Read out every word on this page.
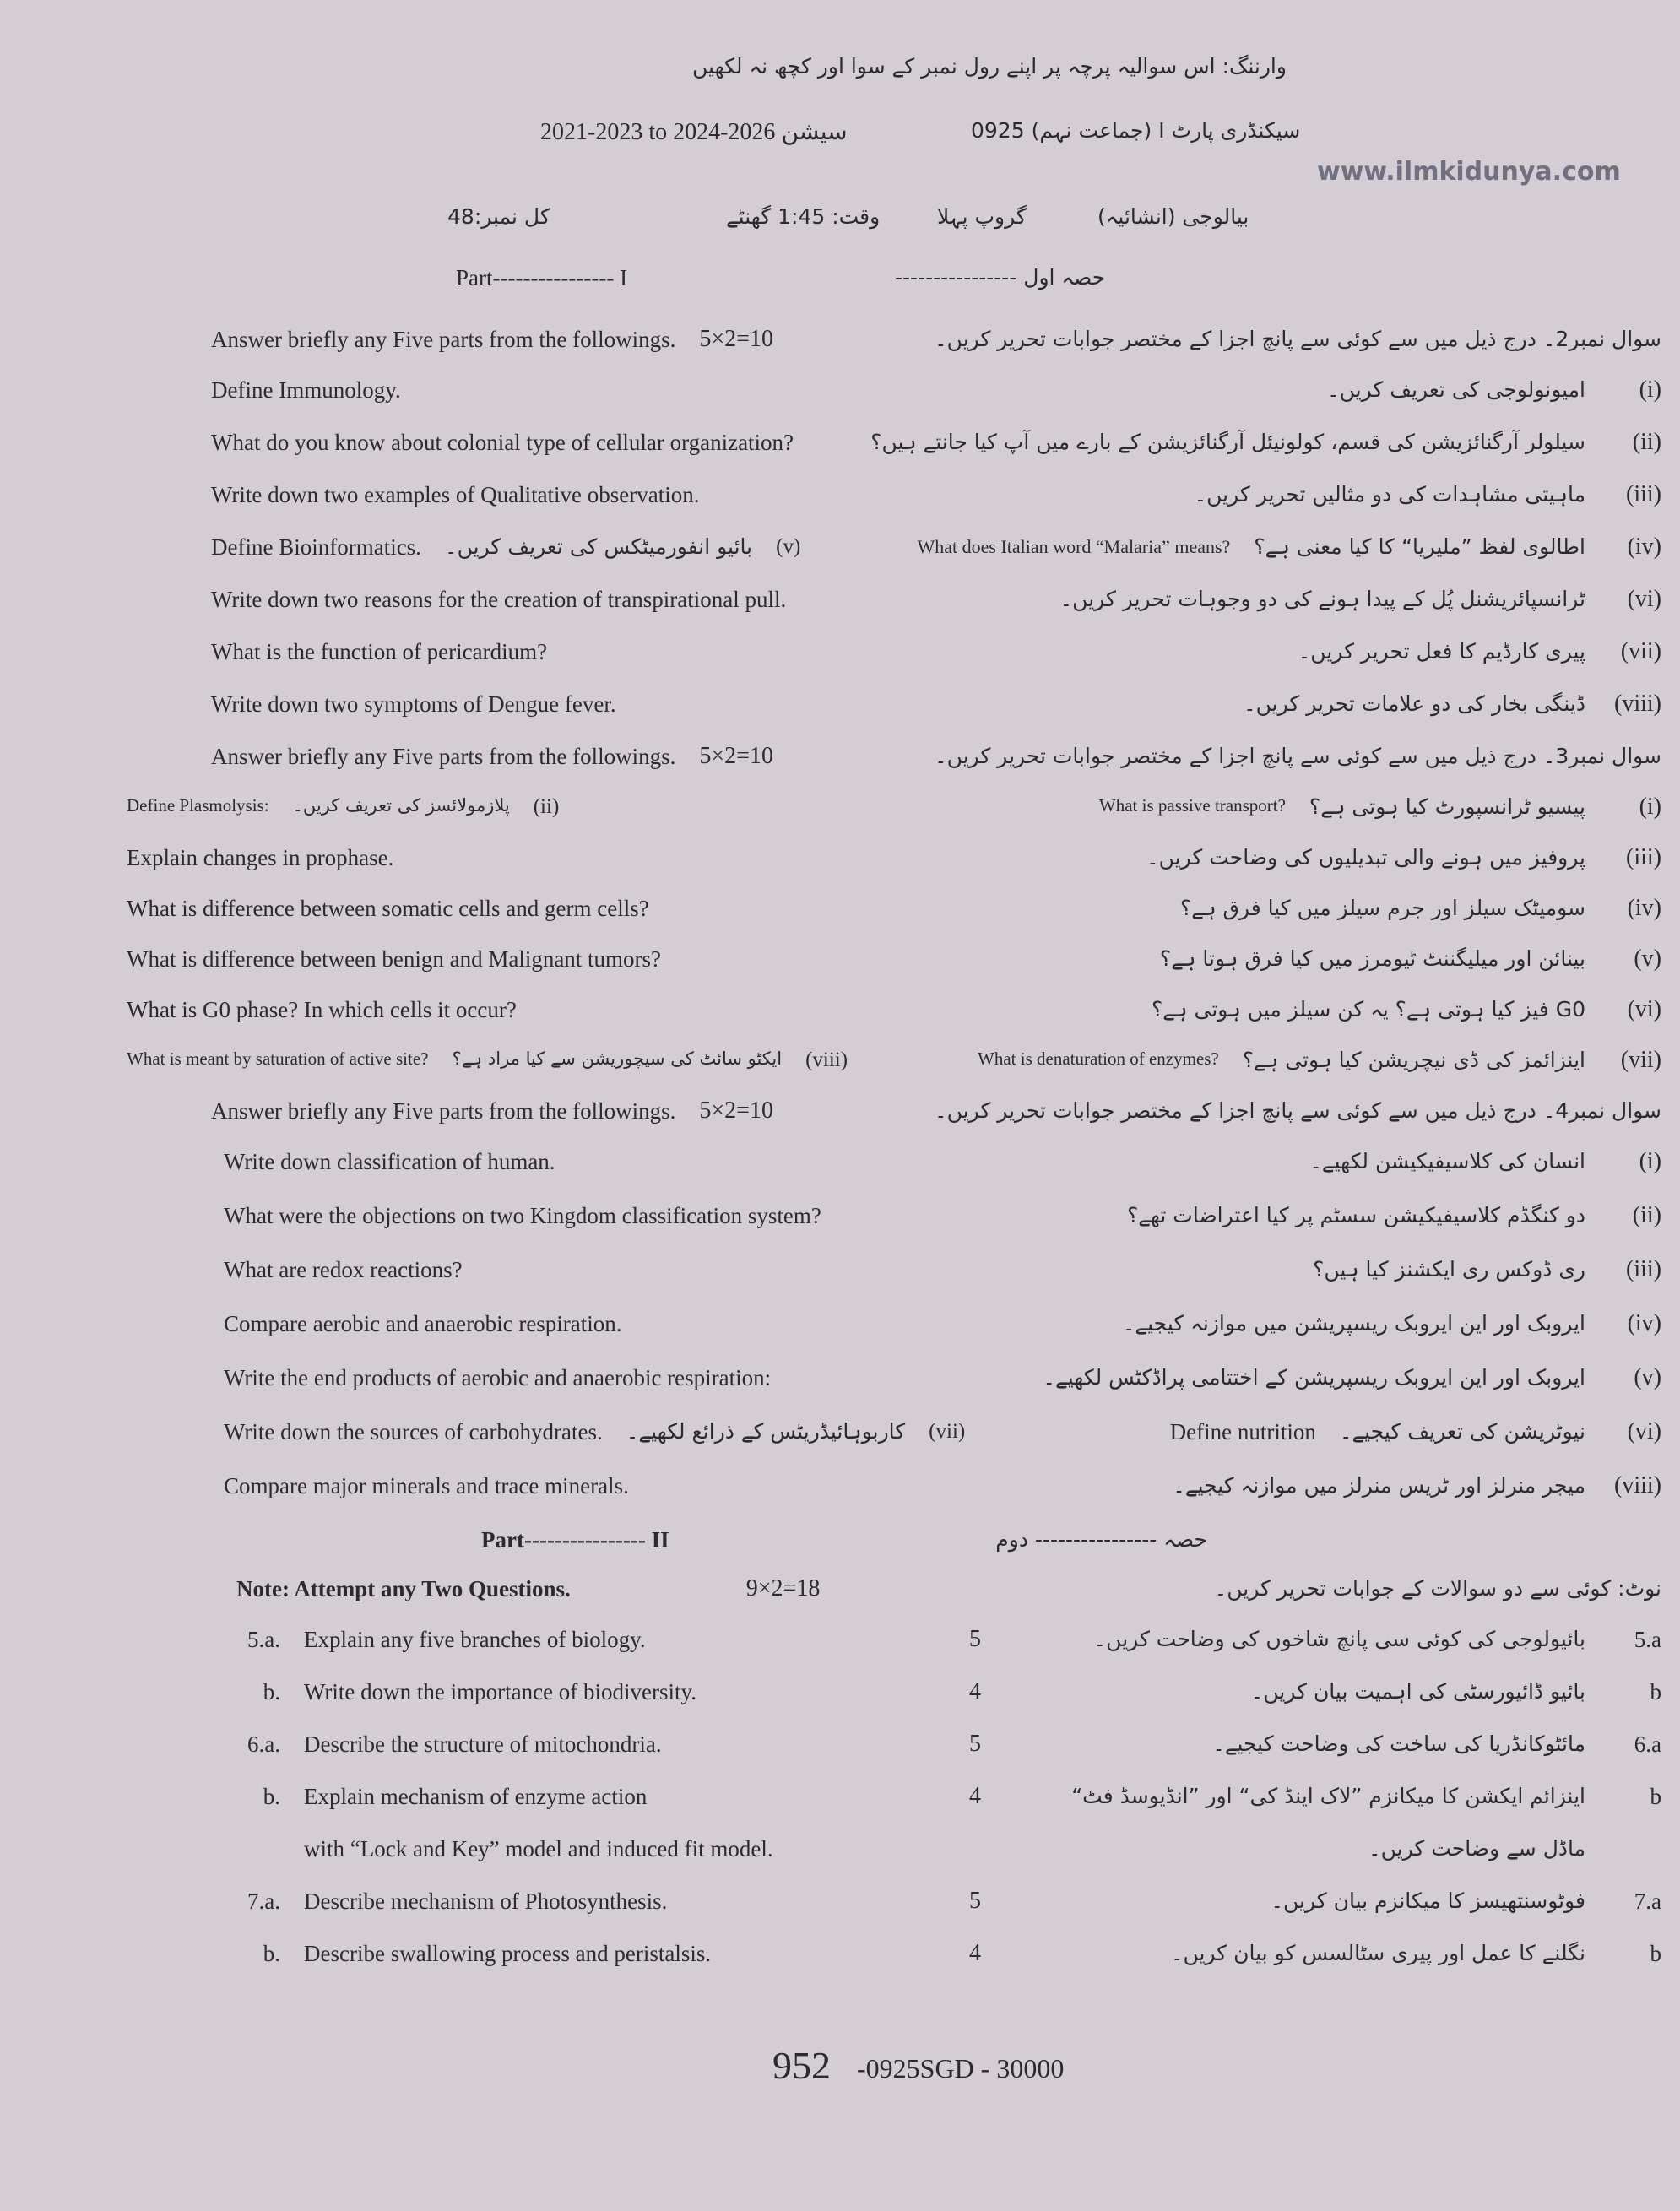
وارننگ: اس سوالیہ پرچہ پر اپنے رول نمبر کے سوا اور کچھ نہ لکھیں
2021-2023 to 2024-2026 سیشن	سیکنڈری پارٹ I (جماعت نہم) 0925
www.ilmkidunya.com
کل نمبر:48	وقت: 1:45 گھنٹے	گروپ پہلا	بیالوجی (انشائیہ)
Part---------------- I	حصہ اول ----------------
Answer briefly any Five parts from the followings. 5×2=10	سوال نمبر2۔ درج ذیل میں سے کوئی سے پانچ اجزا کے مختصر جوابات تحریر کریں۔
Define Immunology.	امیونولوجی کی تعریف کریں۔	(i)
What do you know about colonial type of cellular organization?	سیلولر آرگنائزیشن کی قسم، کولونیئل آرگنائزیشن کے بارے میں آپ کیا جانتے ہیں؟	(ii)
Write down two examples of Qualitative observation.	ماہیتی مشاہدات کی دو مثالیں تحریر کریں۔	(iii)
Define Bioinformatics. بائیو انفورمیٹکس کی تعریف کریں۔ (v)	What does Italian word “Malaria” means? اطالوی لفظ ”ملیریا“ کا کیا معنی ہے؟	(iv)
Write down two reasons for the creation of transpirational pull.	ٹرانسپائریشنل پُل کے پیدا ہونے کی دو وجوہات تحریر کریں۔	(vi)
What is the function of pericardium?	پیری کارڈیم کا فعل تحریر کریں۔	(vii)
Write down two symptoms of Dengue fever.	ڈینگی بخار کی دو علامات تحریر کریں۔ (viii)
Answer briefly any Five parts from the followings. 5×2=10	سوال نمبر3۔ درج ذیل میں سے کوئی سے پانچ اجزا کے مختصر جوابات تحریر کریں۔
Define Plasmolysis: پلازمولائسز کی تعریف کریں۔ (ii)	What is passive transport? پیسیو ٹرانسپورٹ کیا ہوتی ہے؟	(i)
Explain changes in prophase.	پروفیز میں ہونے والی تبدیلیوں کی وضاحت کریں۔	(iii)
What is difference between somatic cells and germ cells?	سومیٹک سیلز اور جرم سیلز میں کیا فرق ہے؟	(iv)
What is difference between benign and Malignant tumors?	بینائن اور میلیگننٹ ٹیومرز میں کیا فرق ہوتا ہے؟	(v)
What is G0 phase? In which cells it occur?	G0 فیز کیا ہوتی ہے؟ یہ کن سیلز میں ہوتی ہے؟	(vi)
What is meant by saturation of active site? ایکٹو سائٹ کی سیچوریشن سے کیا مراد ہے؟ (viii)	What is denaturation of enzymes? اینزائمز کی ڈی نیچریشن کیا ہوتی ہے؟	(vii)
Answer briefly any Five parts from the followings. 5×2=10	سوال نمبر4۔ درج ذیل میں سے کوئی سے پانچ اجزا کے مختصر جوابات تحریر کریں۔
Write down classification of human.	انسان کی کلاسیفیکیشن لکھیے۔	(i)
What were the objections on two Kingdom classification system?	دو کنگڈم کلاسیفیکیشن سسٹم پر کیا اعتراضات تھے؟	(ii)
What are redox reactions?	ری ڈوکس ری ایکشنز کیا ہیں؟	(iii)
Compare aerobic and anaerobic respiration.	ایروبک اور این ایروبک ریسپریشن میں موازنہ کیجیے۔	(iv)
Write the end products of aerobic and anaerobic respiration:	ایروبک اور این ایروبک ریسپریشن کے اختتامی پراڈکٹس لکھیے۔	(v)
Write down the sources of carbohydrates. کاربوہائیڈریٹس کے ذرائع لکھیے۔ (vii)	Define nutrition نیوٹریشن کی تعریف کیجیے۔	(vi)
Compare major minerals and trace minerals.	میجر منرلز اور ٹریس منرلز میں موازنہ کیجیے۔ (viii)
Part---------------- II	حصہ ---------------- دوم
Note: Attempt any Two Questions.	9×2=18	نوٹ: کوئی سے دو سوالات کے جوابات تحریر کریں۔
5.a. Explain any five branches of biology.	5	بائیولوجی کی کوئی سی پانچ شاخوں کی وضاحت کریں۔	5.a
b. Write down the importance of biodiversity.	4	بائیو ڈائیورسٹی کی اہمیت بیان کریں۔	b
6.a. Describe the structure of mitochondria.	5	مائٹوکانڈریا کی ساخت کی وضاحت کیجیے۔	6.a
b. Explain mechanism of enzyme action	4	اینزائم ایکشن کا میکانزم ”لاک اینڈ کی“ اور ”انڈیوسڈ فٹ“	b
with “Lock and Key” model and induced fit model.	ماڈل سے وضاحت کریں۔
7.a. Describe mechanism of Photosynthesis.	5	فوٹوسنتھیسز کا میکانزم بیان کریں۔	7.a
b. Describe swallowing process and peristalsis.	4	نگلنے کا عمل اور پیری سٹالسس کو بیان کریں۔	b
952 -0925SGD - 30000
